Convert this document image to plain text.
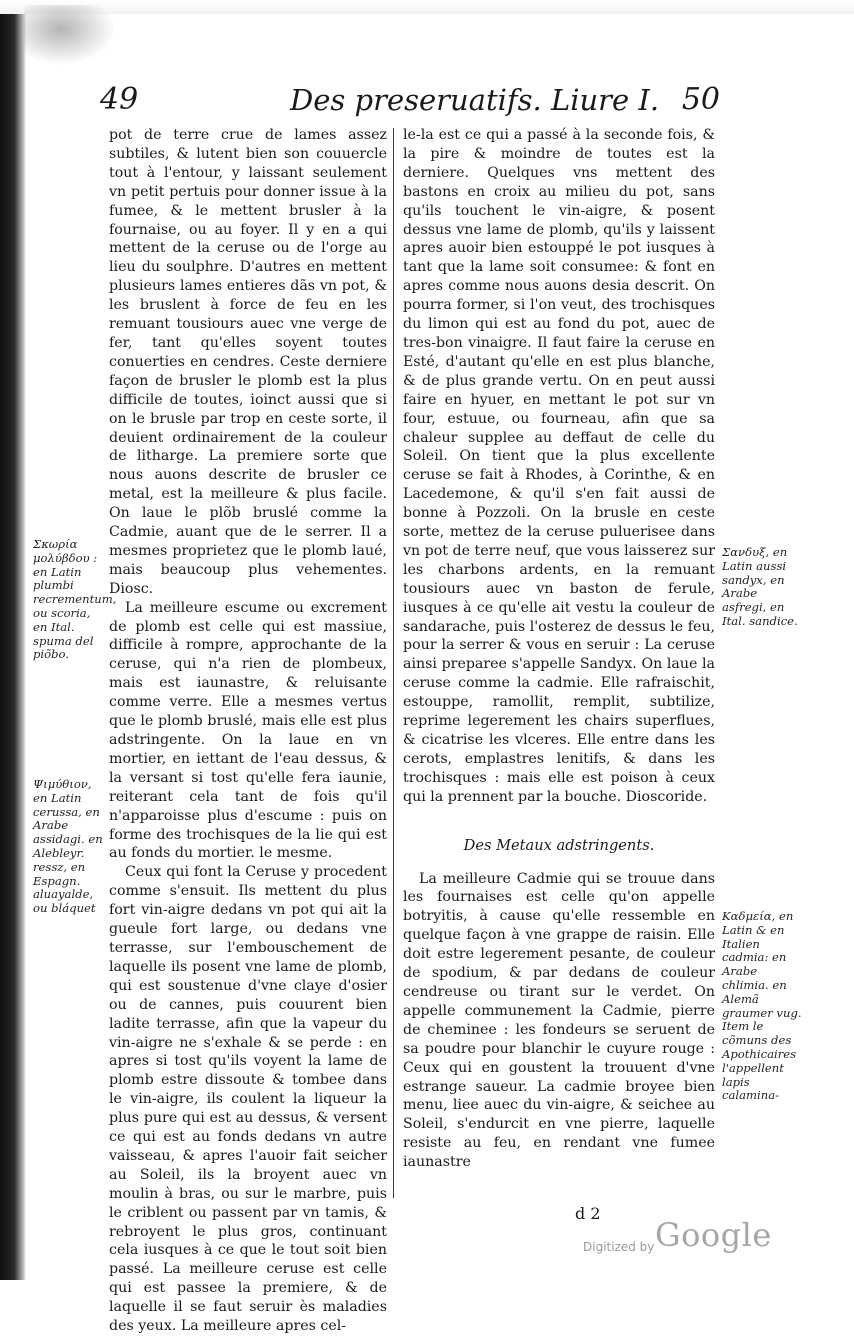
49	Des preseruatifs. Liure I. 50

pot de terre crue de lames assez subtiles, & lutent bien son couuercle tout à l'entour, y laissant seulement vn petit pertuis pour donner issue à la fumee, & le mettent brusler à la fournaise, ou au foyer. Il y en a qui mettent de la ceruse ou de l'orge au lieu du soulphre. D'autres en mettent plusieurs lames entieres dãs vn pot, & les bruslent à force de feu en les remuant tousiours auec vne verge de fer, tant qu'elles soyent toutes conuerties en cendres. Ceste derniere façon de brusler le plomb est la plus difficile de toutes, ioinct aussi que si on le brusle par trop en ceste sorte, il deuient ordinairement de la couleur de litharge. La premiere sorte que nous auons descrite de brusler ce metal, est la meilleure & plus facile. On laue le plõb bruslé comme la Cadmie, auant que de le serrer. Il a mesmes proprietez que le plomb laué, mais beaucoup plus vehementes. Diosc.

La meilleure escume ou excrement de plomb est celle qui est massiue, difficile à rompre, approchante de la ceruse, qui n'a rien de plombeux, mais est iaunastre, & reluisante comme verre. Elle a mesmes vertus que le plomb bruslé, mais elle est plus adstringente. On la laue en vn mortier, en iettant de l'eau dessus, & la versant si tost qu'elle fera iaunie, reiterant cela tant de fois qu'il n'apparoisse plus d'escume : puis on forme des trochisques de la lie qui est au fonds du mortier. le mesme.

Ceux qui font la Ceruse y procedent comme s'ensuit. Ils mettent du plus fort vin-aigre dedans vn pot qui ait la gueule fort large, ou dedans vne terrasse, sur l'embouschement de laquelle ils posent vne lame de plomb, qui est soustenue d'vne claye d'osier ou de cannes, puis couurent bien ladite terrasse, afin que la vapeur du vin-aigre ne s'exhale & se perde : en apres si tost qu'ils voyent la lame de plomb estre dissoute & tombee dans le vin-aigre, ils coulent la liqueur la plus pure qui est au dessus, & versent ce qui est au fonds dedans vn autre vaisseau, & apres l'auoir fait seicher au Soleil, ils la broyent auec vn moulin à bras, ou sur le marbre, puis le criblent ou passent par vn tamis, & rebroyent le plus gros, continuant cela iusques à ce que le tout soit bien passé. La meilleure ceruse est celle qui est passee la premiere, & de laquelle il se faut seruir ès maladies des yeux. La meilleure apres cel-

le-la est ce qui a passé à la seconde fois, & la pire & moindre de toutes est la derniere. Quelques vns mettent des bastons en croix au milieu du pot, sans qu'ils touchent le vin-aigre, & posent dessus vne lame de plomb, qu'ils y laissent apres auoir bien estouppé le pot iusques à tant que la lame soit consumee: & font en apres comme nous auons desia descrit. On pourra former, si l'on veut, des trochisques du limon qui est au fond du pot, auec de tres-bon vinaigre. Il faut faire la ceruse en Esté, d'autant qu'elle en est plus blanche, & de plus grande vertu. On en peut aussi faire en hyuer, en mettant le pot sur vn four, estuue, ou fourneau, afin que sa chaleur supplee au deffaut de celle du Soleil. On tient que la plus excellente ceruse se fait à Rhodes, à Corinthe, & en Lacedemone, & qu'il s'en fait aussi de bonne à Pozzoli. On la brusle en ceste sorte, mettez de la ceruse puluerisee dans vn pot de terre neuf, que vous laisserez sur les charbons ardents, en la remuant tousiours auec vn baston de ferule, iusques à ce qu'elle ait vestu la couleur de sandarache, puis l'osterez de dessus le feu, pour la serrer & vous en seruir : La ceruse ainsi preparee s'appelle Sandyx. On laue la ceruse comme la cadmie. Elle rafraischit, estouppe, ramollit, remplit, subtilize, reprime legerement les chairs superflues, & cicatrise les vlceres. Elle entre dans les cerots, emplastres lenitifs, & dans les trochisques : mais elle est poison à ceux qui la prennent par la bouche. Dioscoride.

Des Metaux adstringents.

La meilleure Cadmie qui se trouue dans les fournaises est celle qu'on appelle botryitis, à cause qu'elle ressemble en quelque façon à vne grappe de raisin. Elle doit estre legerement pesante, de couleur de spodium, & par dedans de couleur cendreuse ou tirant sur le verdet. On appelle communement la Cadmie, pierre de cheminee : les fondeurs se seruent de sa poudre pour blanchir le cuyure rouge : Ceux qui en goustent la trouuent d'vne estrange saueur. La cadmie broyee bien menu, liee auec du vin-aigre, & seichee au Soleil, s'endurcit en vne pierre, laquelle resiste au feu, en rendant vne fumee iaunastre

Σκωρία μολύβδου : en Latin plumbi recrementum, ou scoria, en Ital. spuma del piõbo.
Ψιμύθιον, en Latin cerussa, en Arabe assidagi. en Alebleyr. ressz, en Espagn. aluayalde, ou bláquet
Σανδυξ, en Latin aussi sandyx, en Arabe asfregi, en Ital. sandice.
Καδμεία, en Latin & en Italien cadmia: en Arabe chlimia. en Alemã graumer vug. Item le cõmuns des Apothicaires l'appellent lapis calamina-
d 2
Digitized by Google
